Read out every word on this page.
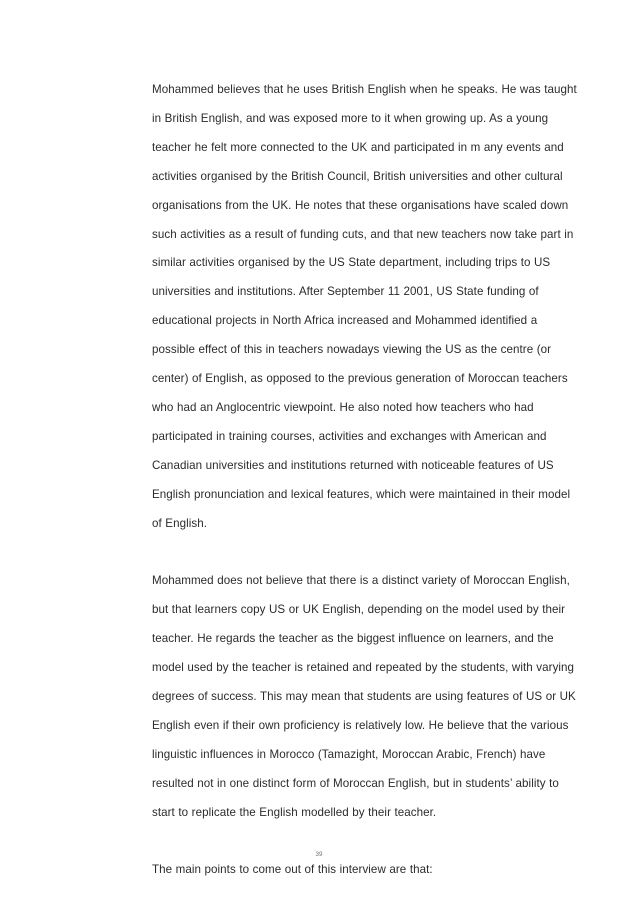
Mohammed believes that he uses British English when he speaks. He was taught in British English, and was exposed more to it when growing up. As a young teacher he felt more connected to the UK and participated in m any events and activities organised by the British Council, British universities and other cultural organisations from the UK. He notes that these organisations have scaled down such activities as a result of funding cuts, and that new teachers now take part in similar activities organised by the US State department, including trips to US universities and institutions. After September 11 2001, US State funding of educational projects in North Africa increased and Mohammed identified a possible effect of this in teachers nowadays viewing the US as the centre (or center) of English, as opposed to the previous generation of Moroccan teachers who had an Anglocentric viewpoint. He also noted how teachers who had participated in training courses, activities and exchanges with American and Canadian universities and institutions returned with noticeable features of US English pronunciation and lexical features, which were maintained in their model of English.

Mohammed does not believe that there is a distinct variety of Moroccan English, but that learners copy US or UK English, depending on the model used by their teacher. He regards the teacher as the biggest influence on learners, and the model used by the teacher is retained and repeated by the students, with varying degrees of success. This may mean that students are using features of US or UK English even if their own proficiency is relatively low. He believe that the various linguistic influences in Morocco (Tamazight, Moroccan Arabic, French) have resulted not in one distinct form of Moroccan English, but in students’ ability to start to replicate the English modelled by their teacher.

The main points to come out of this interview are that:

39
